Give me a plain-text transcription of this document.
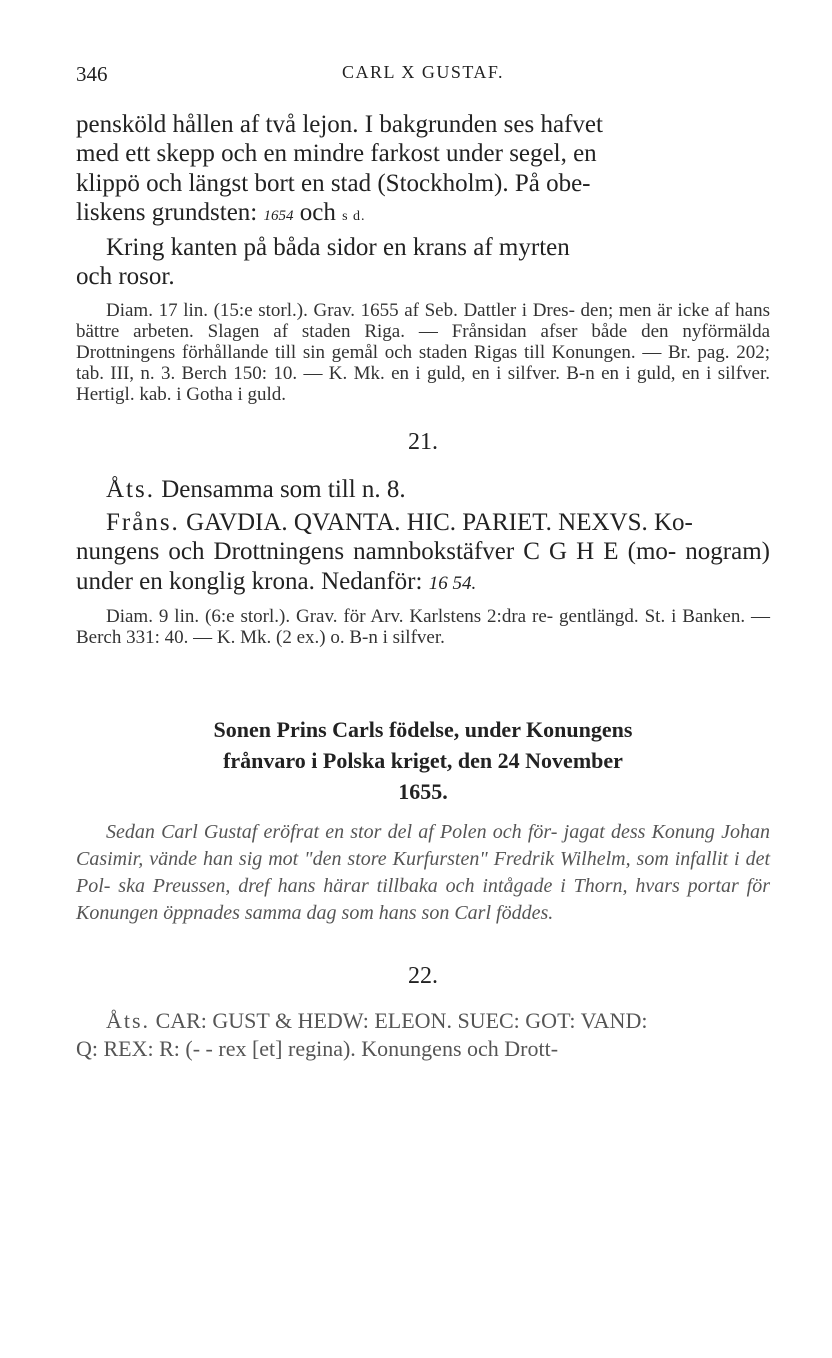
346	CARL X GUSTAF.

pensköld hållen af två lejon. I bakgrunden ses hafvet

med ett skepp och en mindre farkost under segel, en

klippö och längst bort en stad (Stockholm). På obe-

liskens grundsten: 1654 och s d.

Kring kanten på båda sidor en krans af myrten

och rosor.

Diam. 17 lin. (15:e storl.). Grav. 1655 af Seb. Dattler i Dres- den; men är icke af hans bättre arbeten. Slagen af staden Riga. — Frånsidan afser både den nyförmälda Drottningens förhållande till sin gemål och staden Rigas till Konungen. — Br. pag. 202; tab. III, n. 3. Berch 150: 10. — K. Mk. en i guld, en i silfver. B-n en i guld, en i silfver. Hertigl. kab. i Gotha i guld.

21.

Åts. Densamma som till n. 8.

Fråns. GAVDIA. QVANTA. HIC. PARIET. NEXVS. Ko-

nungens och Drottningens namnbokstäfver C G H E (mo- nogram) under en konglig krona. Nedanför: 16 54.

Diam. 9 lin. (6:e storl.). Grav. för Arv. Karlstens 2:dra re- gentlängd. St. i Banken. — Berch 331: 40. — K. Mk. (2 ex.) o. B-n i silfver.

Sonen Prins Carls födelse, under Konungens

frånvaro i Polska kriget, den 24 November

1655.

Sedan Carl Gustaf eröfrat en stor del af Polen och för- jagat dess Konung Johan Casimir, vände han sig mot "den store Kurfursten" Fredrik Wilhelm, som infallit i det Pol- ska Preussen, dref hans härar tillbaka och intågade i Thorn, hvars portar för Konungen öppnades samma dag som hans son Carl föddes.

22.

Åts. CAR: GUST & HEDW: ELEON. SUEC: GOT: VAND:

Q: REX: R: (- - rex [et] regina). Konungens och Drott-
